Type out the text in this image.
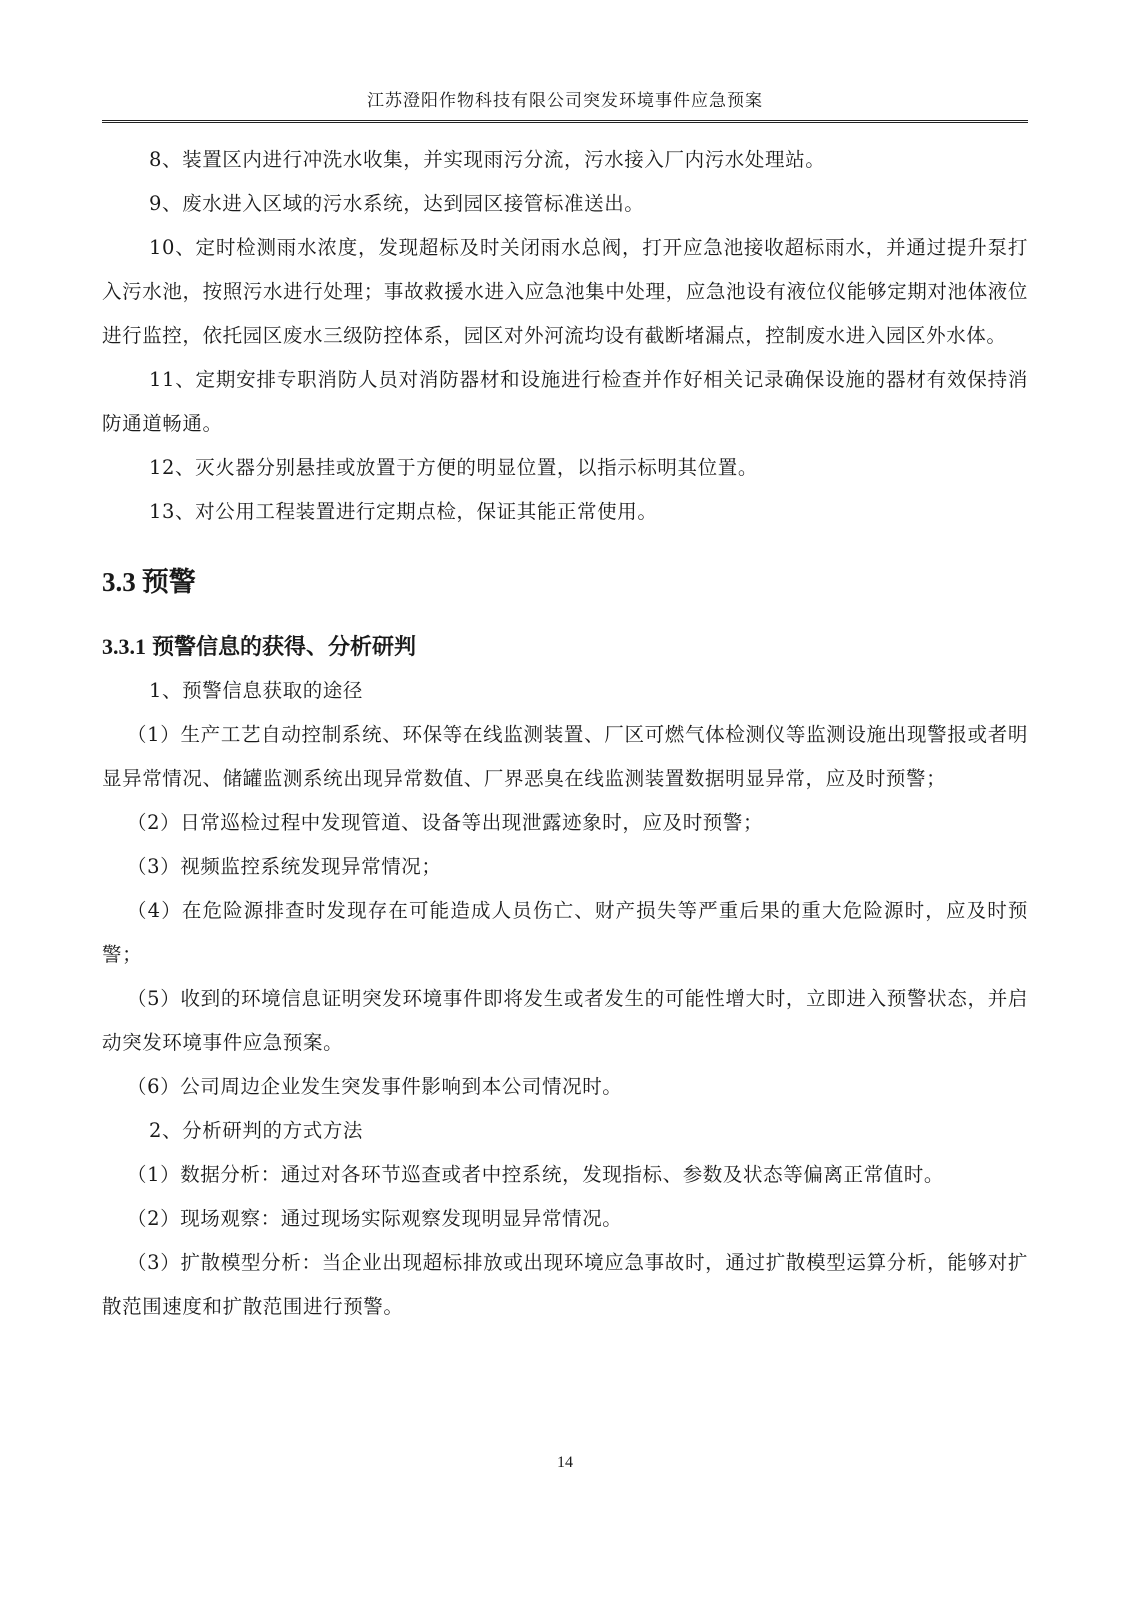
江苏澄阳作物科技有限公司突发环境事件应急预案

8、装置区内进行冲洗水收集，并实现雨污分流，污水接入厂内污水处理站。

9、废水进入区域的污水系统，达到园区接管标准送出。

10、定时检测雨水浓度，发现超标及时关闭雨水总阀，打开应急池接收超标雨水，并通过提升泵打入污水池，按照污水进行处理；事故救援水进入应急池集中处理，应急池设有液位仪能够定期对池体液位进行监控，依托园区废水三级防控体系，园区对外河流均设有截断堵漏点，控制废水进入园区外水体。

11、定期安排专职消防人员对消防器材和设施进行检查并作好相关记录确保设施的器材有效保持消防通道畅通。

12、灭火器分别悬挂或放置于方便的明显位置，以指示标明其位置。

13、对公用工程装置进行定期点检，保证其能正常使用。

3.3 预警
3.3.1 预警信息的获得、分析研判

1、预警信息获取的途径

（1）生产工艺自动控制系统、环保等在线监测装置、厂区可燃气体检测仪等监测设施出现警报或者明显异常情况、储罐监测系统出现异常数值、厂界恶臭在线监测装置数据明显异常，应及时预警；

（2）日常巡检过程中发现管道、设备等出现泄露迹象时，应及时预警；

（3）视频监控系统发现异常情况；

（4）在危险源排查时发现存在可能造成人员伤亡、财产损失等严重后果的重大危险源时，应及时预警；

（5）收到的环境信息证明突发环境事件即将发生或者发生的可能性增大时，立即进入预警状态，并启动突发环境事件应急预案。

（6）公司周边企业发生突发事件影响到本公司情况时。

2、分析研判的方式方法

（1）数据分析：通过对各环节巡查或者中控系统，发现指标、参数及状态等偏离正常值时。

（2）现场观察：通过现场实际观察发现明显异常情况。

（3）扩散模型分析：当企业出现超标排放或出现环境应急事故时，通过扩散模型运算分析，能够对扩散范围速度和扩散范围进行预警。

14
